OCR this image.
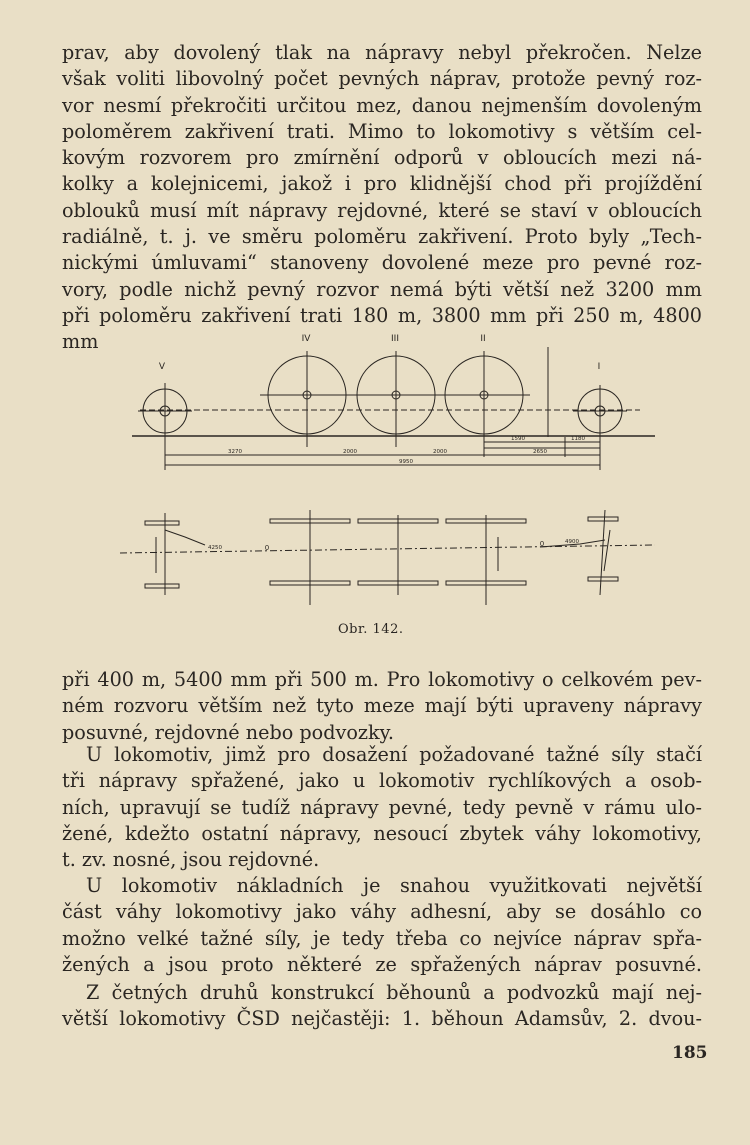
prav, aby dovolený tlak na nápravy nebyl překročen. Nelze
však voliti libovolný počet pevných náprav, protože pevný roz-
vor nesmí překročiti určitou mez, danou nejmenším dovoleným
poloměrem zakřivení trati. Mimo to lokomotivy s větším cel-
kovým rozvorem pro zmírnění odporů v obloucích mezi ná-
kolky a kolejnicemi, jakož i pro klidnější chod při projíždění
oblouků musí mít nápravy rejdovné, které se staví v obloucích
radiálně, t. j. ve směru poloměru zakřivení. Proto byly „Tech-
nickými úmluvami“ stanoveny dovolené meze pro pevné roz-
vory, podle nichž pevný rozvor nemá býti větší než 3200 mm
při poloměru zakřivení trati 180 m, 3800 mm při 250 m, 4800 mm
V
IV	III	II
I
3270	2000	2000
1590	1180
2650
9950
4250	0	0	4900
Obr. 142.
při 400 m, 5400 mm při 500 m. Pro lokomotivy o celkovém pev-
ném rozvoru větším než tyto meze mají býti upraveny nápravy
posuvné, rejdovné nebo podvozky.
U lokomotiv, jimž pro dosažení požadované tažné síly stačí
tři nápravy spřažené, jako u lokomotiv rychlíkových a osob-
ních, upravují se tudíž nápravy pevné, tedy pevně v rámu ulo-
žené, kdežto ostatní nápravy, nesoucí zbytek váhy lokomotivy,
t. zv. nosné, jsou rejdovné.
U lokomotiv nákladních je snahou využitkovati největší
část váhy lokomotivy jako váhy adhesní, aby se dosáhlo co
možno velké tažné síly, je tedy třeba co nejvíce náprav spřa-
žených a jsou proto některé ze spřažených náprav posuvné.
Z četných druhů konstrukcí běhounů a podvozků mají nej-
větší lokomotivy ČSD nejčastěji: 1. běhoun Adamsův, 2. dvou-
185
